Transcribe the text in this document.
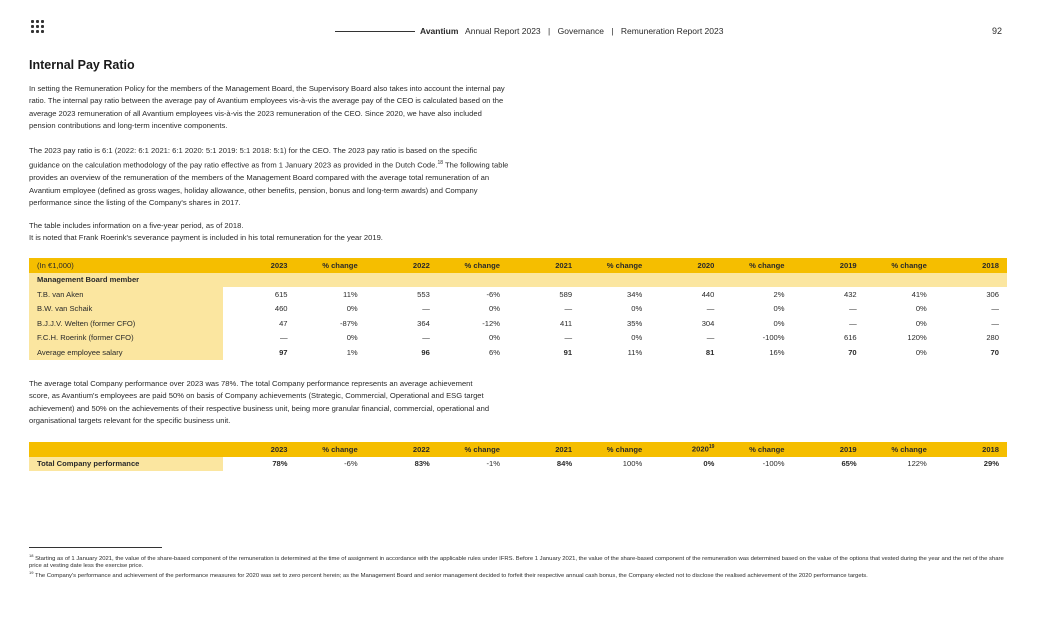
Avantium Annual Report 2023 | Governance | Remuneration Report 2023	92
Internal Pay Ratio

In setting the Remuneration Policy for the members of the Management Board, the Supervisory Board also takes into account the internal pay ratio. The internal pay ratio between the average pay of Avantium employees vis-à-vis the average pay of the CEO is calculated based on the average 2023 remuneration of all Avantium employees vis-à-vis the 2023 remuneration of the CEO. Since 2020, we have also included pension contributions and long-term incentive components.

The 2023 pay ratio is 6:1 (2022: 6:1 2021: 6:1 2020: 5:1 2019: 5:1 2018: 5:1) for the CEO. The 2023 pay ratio is based on the specific guidance on the calculation methodology of the pay ratio effective as from 1 January 2023 as provided in the Dutch Code.$^{18}$ The following table provides an overview of the remuneration of the members of the Management Board compared with the average total remuneration of an Avantium employee (defined as gross wages, holiday allowance, other benefits, pension, bonus and long-term awards) and Company performance since the listing of the Company's shares in 2017.

The table includes information on a five-year period, as of 2018.
It is noted that Frank Roerink's severance payment is included in his total remuneration for the year 2019.

(In €1,000)	2023	% change	2022	% change	2021	% change	2020	% change	2019	% change	2018
Management Board member											
T.B. van Aken	615	11%	553	-6%	589	34%	440	2%	432	41%	306
B.W. van Schaik	460	0%	—	0%	—	0%	—	0%	—	0%	—
B.J.J.V. Welten (former CFO)	47	-87%	364	-12%	411	35%	304	0%	—	0%	—
F.C.H. Roerink (former CFO)	—	0%	—	0%	—	0%	—	-100%	616	120%	280
Average employee salary	97	1%	96	6%	91	11%	81	16%	70	0%	70

The average total Company performance over 2023 was 78%. The total Company performance represents an average achievement score, as Avantium's employees are paid 50% on basis of Company achievements (Strategic, Commercial, Operational and ESG target achievement) and 50% on the achievements of their respective business unit, being more granular financial, commercial, operational and organisational targets relevant for the specific business unit.

	2023	% change	2022	% change	2021	% change	2020$^{19}$	% change	2019	% change	2018
Total Company performance	78%	-6%	83%	-1%	84%	100%	0%	-100%	65%	122%	29%

$^{18}$ Starting as of 1 January 2021, the value of the share-based component of the remuneration is determined at the time of assignment in accordance with the applicable rules under IFRS. Before 1 January 2021, the value of the share-based component of the remuneration was determined based on the value of the options that vested during the year and the net of the share price at vesting date less the exercise price.

$^{19}$ The Company's performance and achievement of the performance measures for 2020 was set to zero percent herein; as the Management Board and senior management decided to forfeit their respective annual cash bonus, the Company elected not to disclose the realised achievement of the 2020 performance targets.
